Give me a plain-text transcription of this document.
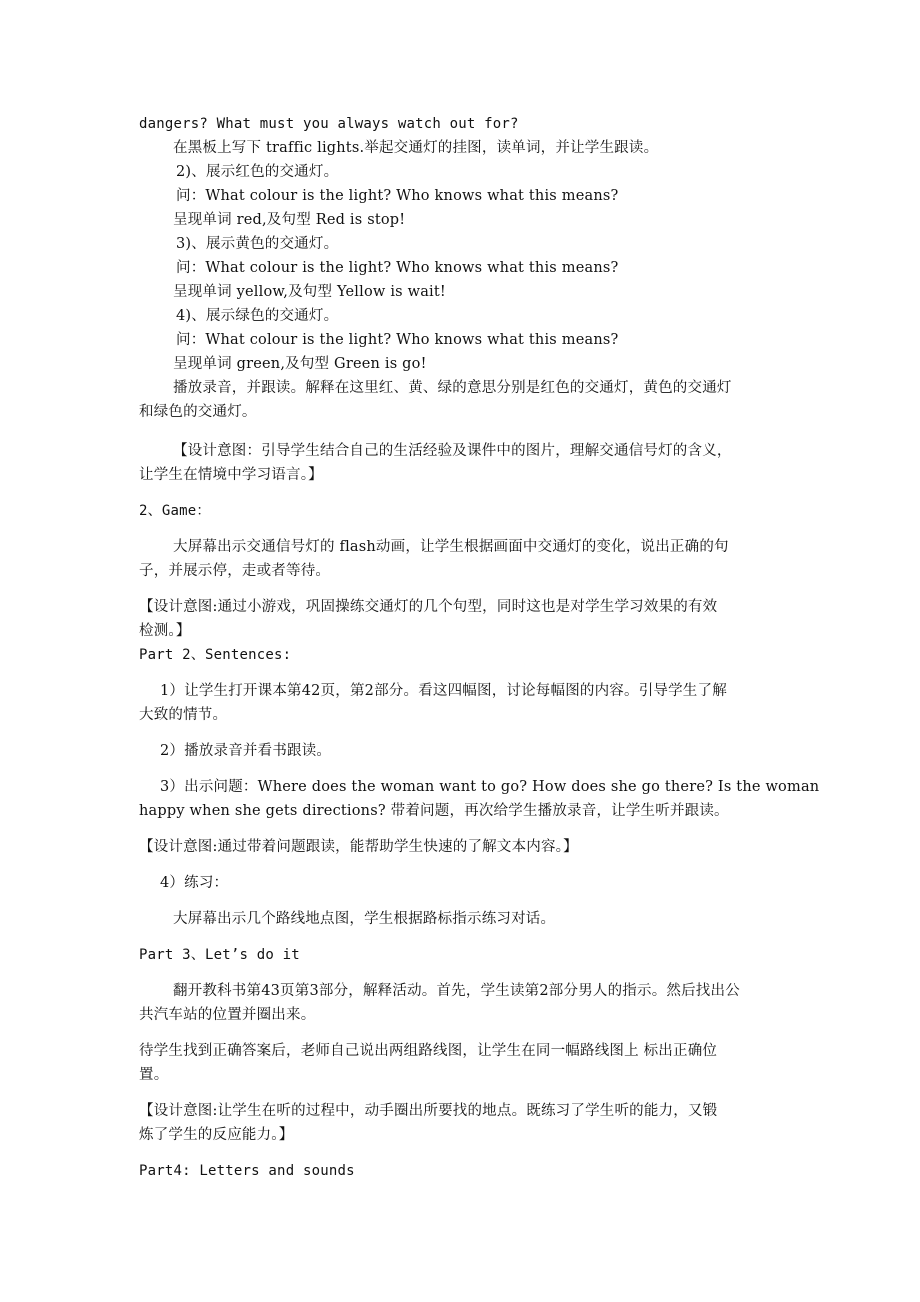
dangers? What must you always watch out for?
在黑板上写下 traffic lights.举起交通灯的挂图，读单词，并让学生跟读。
2)、展示红色的交通灯。
问：What colour is the light? Who knows what this means?
呈现单词 red,及句型 Red is stop!
3)、展示黄色的交通灯。
问：What colour is the light? Who knows what this means?
呈现单词 yellow,及句型 Yellow is wait!
4)、展示绿色的交通灯。
问：What colour is the light? Who knows what this means?
呈现单词 green,及句型 Green is go!
播放录音，并跟读。解释在这里红、黄、绿的意思分别是红色的交通灯，黄色的交通灯
和绿色的交通灯。
【设计意图：引导学生结合自己的生活经验及课件中的图片，理解交通信号灯的含义，
让学生在情境中学习语言。】
2、Game：
大屏幕出示交通信号灯的 flash动画，让学生根据画面中交通灯的变化，说出正确的句
子，并展示停，走或者等待。
【设计意图:通过小游戏，巩固操练交通灯的几个句型，同时这也是对学生学习效果的有效
检测。】
Part 2、Sentences:
1）让学生打开课本第42页，第2部分。看这四幅图，讨论每幅图的内容。引导学生了解
大致的情节。
2）播放录音并看书跟读。
3）出示问题：Where does the woman want to go? How does she go there? Is the woman
happy when she gets directions? 带着问题，再次给学生播放录音，让学生听并跟读。
【设计意图:通过带着问题跟读，能帮助学生快速的了解文本内容。】
4）练习：
大屏幕出示几个路线地点图，学生根据路标指示练习对话。
Part 3、Let’s do it
翻开教科书第43页第3部分，解释活动。首先，学生读第2部分男人的指示。然后找出公
共汽车站的位置并圈出来。
待学生找到正确答案后，老师自己说出两组路线图，让学生在同一幅路线图上 标出正确位
置。
【设计意图:让学生在听的过程中，动手圈出所要找的地点。既练习了学生听的能力，又锻
炼了学生的反应能力。】
Part4: Letters and sounds
